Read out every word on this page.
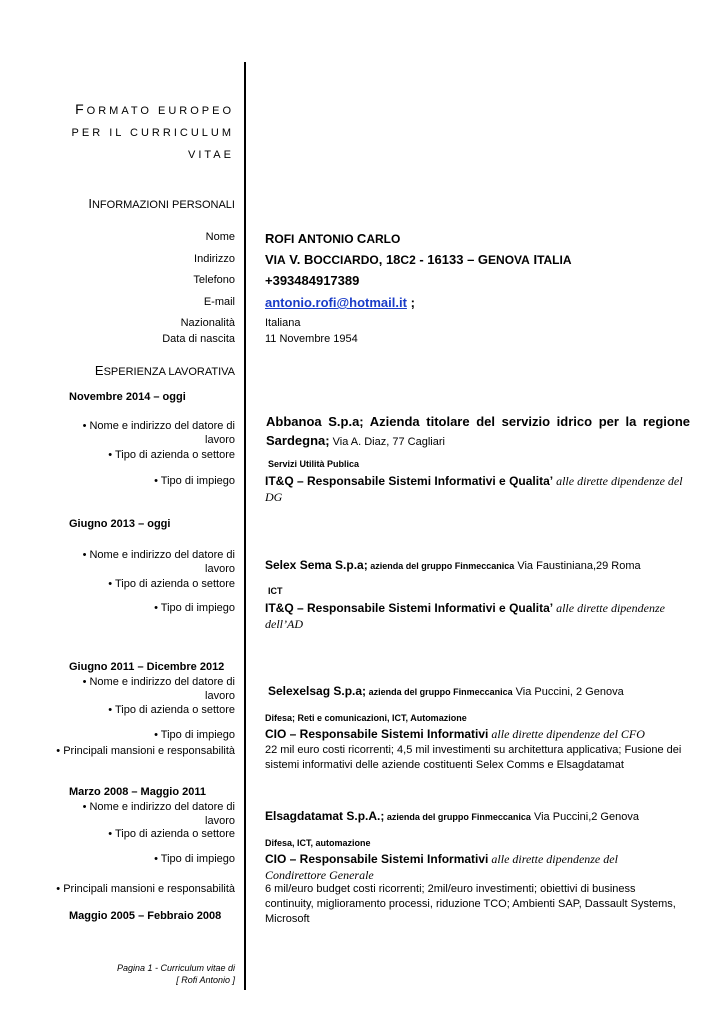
FORMATO EUROPEO
PER IL CURRICULUM
VITAE
INFORMAZIONI PERSONALI
Nome
Indirizzo
Telefono
E-mail
Nazionalità
Data di nascita
ROFI ANTONIO CARLO
VIA V. BOCCIARDO, 18C2 - 16133 – GENOVA ITALIA
+393484917389
antonio.rofi@hotmail.it ;
Italiana
11 Novembre 1954
ESPERIENZA LAVORATIVA
Novembre 2014 – oggi
• Nome e indirizzo del datore di
lavoro
• Tipo di azienda o settore
• Tipo di impiego
Abbanoa S.p.a; Azienda titolare del servizio idrico per la regione Sardegna; Via A. Diaz, 77 Cagliari
Servizi Utilità Publica
IT&Q – Responsabile Sistemi Informativi e Qualita’ alle dirette dipendenze del DG
Giugno 2013 – oggi
• Nome e indirizzo del datore di
lavoro
• Tipo di azienda o settore
• Tipo di impiego
Selex Sema S.p.a; azienda del gruppo Finmeccanica Via Faustiniana,29 Roma
ICT
IT&Q – Responsabile Sistemi Informativi e Qualita’ alle dirette dipendenze dell’AD
Giugno 2011 – Dicembre 2012
• Nome e indirizzo del datore di
lavoro
• Tipo di azienda o settore
• Tipo di impiego
• Principali mansioni e responsabilità
Selexelsag S.p.a; azienda del gruppo Finmeccanica Via Puccini, 2 Genova
Difesa; Reti e comunicazioni, ICT, Automazione
CIO – Responsabile Sistemi Informativi alle dirette dipendenze del CFO
22 mil euro costi ricorrenti; 4,5 mil investimenti su architettura applicativa; Fusione dei sistemi informativi delle aziende costituenti Selex Comms e Elsagdatamat
Marzo 2008 – Maggio 2011
• Nome e indirizzo del datore di
lavoro
• Tipo di azienda o settore
• Tipo di impiego
• Principali mansioni e responsabilità
Elsagdatamat S.p.A.; azienda del gruppo Finmeccanica Via Puccini,2 Genova
Difesa, ICT, automazione
CIO – Responsabile Sistemi Informativi alle dirette dipendenze del Condirettore Generale
6 mil/euro budget costi ricorrenti; 2mil/euro investimenti; obiettivi di business continuity, miglioramento processi, riduzione TCO; Ambienti SAP, Dassault Systems, Microsoft
Maggio 2005 – Febbraio 2008
Pagina 1 - Curriculum vitae di
[ Rofi Antonio ]
